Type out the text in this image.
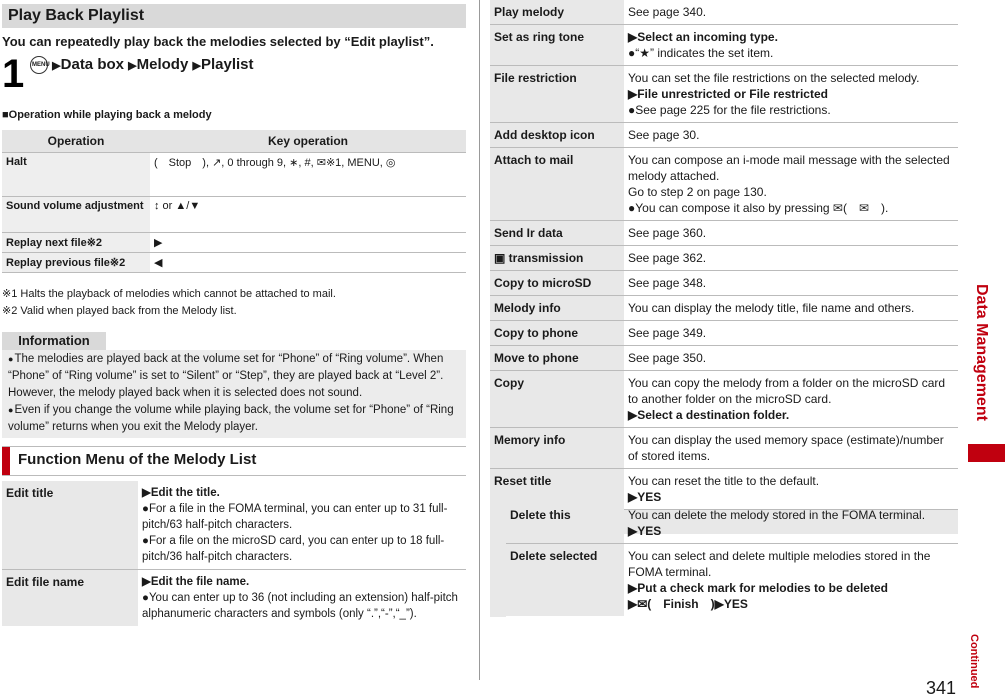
Play Back Playlist
You can repeatedly play back the melodies selected by “Edit playlist”.
1	MENU ▶Data box ▶Melody ▶Playlist
■Operation while playing back a melody
Operation	Key operation
Halt	( Stop ), ↗, 0 through 9, ∗, #, ✉※1, MENU, ◎
Sound volume adjustment	↕ or ▲/▼
Replay next file※2	▶
Replay previous file※2	◀
※1 Halts the playback of melodies which cannot be attached to mail.
※2 Valid when played back from the Melody list.
Information
● The melodies are played back at the volume set for “Phone” of “Ring volume”. When “Phone” of “Ring volume” is set to “Silent” or “Step”, they are played back at “Level 2”. However, the melody played back when it is selected does not sound.
● Even if you change the volume while playing back, the volume set for “Phone” of “Ring volume” returns when you exit the Melody player.
Function Menu of the Melody List
Edit title	▶Edit the title.
●For a file in the FOMA terminal, you can enter up to 31 full-pitch/63 half-pitch characters.
●For a file on the microSD card, you can enter up to 18 full-pitch/36 half-pitch characters.

Edit file name	▶Edit the file name.
●You can enter up to 36 (not including an extension) half-pitch alphanumeric characters and symbols (only “.”,“-”,“_”).
Play melody	See page 340.
Set as ring tone	▶Select an incoming type.
●“★” indicates the set item.

File restriction	You can set the file restrictions on the selected melody.
▶File unrestricted or File restricted
●See page 225 for the file restrictions.

Add desktop icon	See page 30.
Attach to mail	You can compose an i-mode mail message with the selected melody attached.
Go to step 2 on page 130.
●You can compose it also by pressing ✉( ✉ ).

Send Ir data	See page 360.
▣ transmission	See page 362.
Copy to microSD	See page 348.
Melody info	You can display the melody title, file name and others.
Copy to phone	See page 349.
Move to phone	See page 350.
Copy	You can copy the melody from a folder on the microSD card to another folder on the microSD card.
▶Select a destination folder.

Memory info	You can display the used memory space (estimate)/number of stored items.
Reset title	You can reset the title to the default.
▶YES

Delete this	You can delete the melody stored in the FOMA terminal.
▶YES

Delete selected	You can select and delete multiple melodies stored in the FOMA terminal.
▶Put a check mark for melodies to be deleted
▶✉( Finish )▶YES
Data Management
Continued
341
